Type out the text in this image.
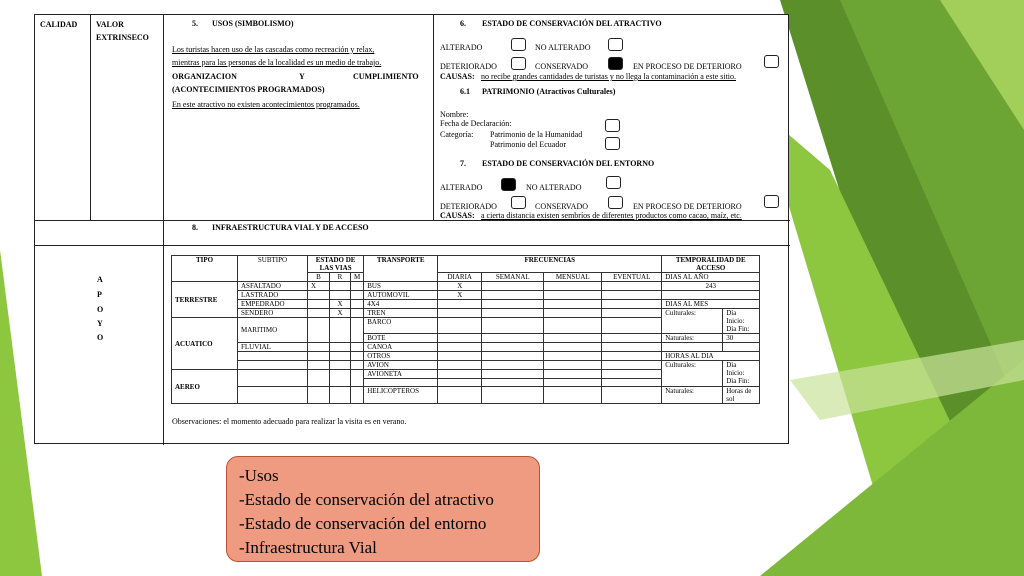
CALIDAD VALOR
EXTRINSECO
A
P
O
Y
O
5. USOS (SIMBOLISMO)
Los turistas hacen uso de las cascadas como recreación y relax,
mientras para las personas de la localidad es un medio de trabajo.
ORGANIZACION	Y	CUMPLIMIENTO
(ACONTECIMIENTOS PROGRAMADOS)
En este atractivo no existen acontecimientos programados.
6. ESTADO DE CONSERVACIÓN DEL ATRACTIVO
ALTERADO	NO ALTERADO
DETERIORADO	CONSERVADO	EN PROCESO DE DETERIORO
CAUSAS: no recibe grandes cantidades de turistas y no llega la contaminación a este sitio.
6.1 PATRIMONIO (Atractivos Culturales)
Nombre:
Fecha de Declaración:
Categoría: Patrimonio de la Humanidad
Patrimonio del Ecuador
7. ESTADO DE CONSERVACIÓN DEL ENTORNO
ALTERADO	NO ALTERADO
DETERIORADO	CONSERVADO	EN PROCESO DE DETERIORO
CAUSAS: a cierta distancia existen sembríos de diferentes productos como cacao, maíz, etc.
8. INFRAESTRUCTURA VIAL Y DE ACCESO
TIPO	SUBTIPO	ESTADO DE LAS VIAS			TRANSPORTE	FRECUENCIAS				TEMPORALIDAD DE ACCESO	
		B	R	M		DIARIA	SEMANAL	MENSUAL	EVENTUAL	DIAS AL AÑO	
TERRESTRE	ASFALTADO	X			BUS	X				243	
	LASTRADO				AUTOMOVIL	X					
	EMPEDRADO		X		4X4					DIAS AL MES	
	SENDERO		X		TREN					Culturales:	Día Inicio:
Día Fin:
ACUATICO	MARITIMO				BARCO						
					BOTE					Naturales:	30
	FLUVIAL				CANOA						
					OTROS					HORAS AL DIA	
					AVION					Culturales:	Día Inicio:
Día Fin:
AEREO					AVIONETA						

					HELICOPTEROS					Naturales:	Horas de sol
Observaciones: el momento adecuado para realizar la visita es en verano.
-Usos
-Estado de conservación del atractivo
-Estado de conservación del entorno
-Infraestructura Vial
